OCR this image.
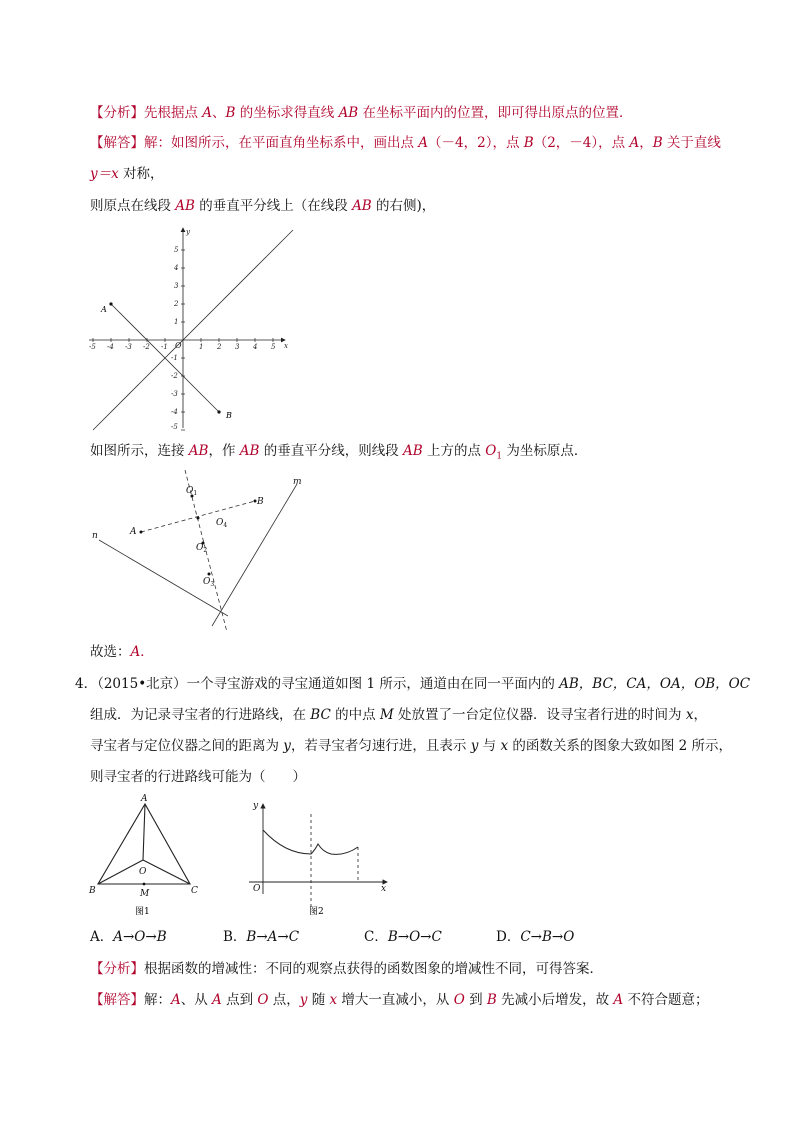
【分析】先根据点 A、B 的坐标求得直线 AB 在坐标平面内的位置，即可得出原点的位置．
【解答】解：如图所示，在平面直角坐标系中，画出点 A（－4，2），点 B（2，－4），点 A，B 关于直线
y＝x 对称，
则原点在线段 AB 的垂直平分线上（在线段 AB 的右侧)，
-5 -4 -3 -2 -1	1 2 3 4 5
5
4
3
2
1
-1
-2
-3
-4
-5
x
y
O
A
B
如图所示，连接 AB，作 AB 的垂直平分线，则线段 AB 上方的点 $O_1$ 为坐标原点．
A
B
m
n
$O_1$
$O_4$
$O_2$
$O_3$
故选：A．
4．（2015•北京）一个寻宝游戏的寻宝通道如图 1 所示，通道由在同一平面内的 AB，BC，CA，OA，OB，OC
组成．为记录寻宝者的行进路线，在 BC 的中点 M 处放置了一台定位仪器．设寻宝者行进的时间为 x，
寻宝者与定位仪器之间的距离为 y，若寻宝者匀速行进，且表示 y 与 x 的函数关系的图象大致如图 2 所示，
则寻宝者的行进路线可能为（　　）
A
B	C
O
M
图1
y
x
O
图2
A．A→O→B	B．B→A→C	C．B→O→C	D．C→B→O
【分析】根据函数的增减性：不同的观察点获得的函数图象的增减性不同，可得答案．
【解答】解：A、从 A 点到 O 点，y 随 x 增大一直减小，从 O 到 B 先减小后增发，故 A 不符合题意；
